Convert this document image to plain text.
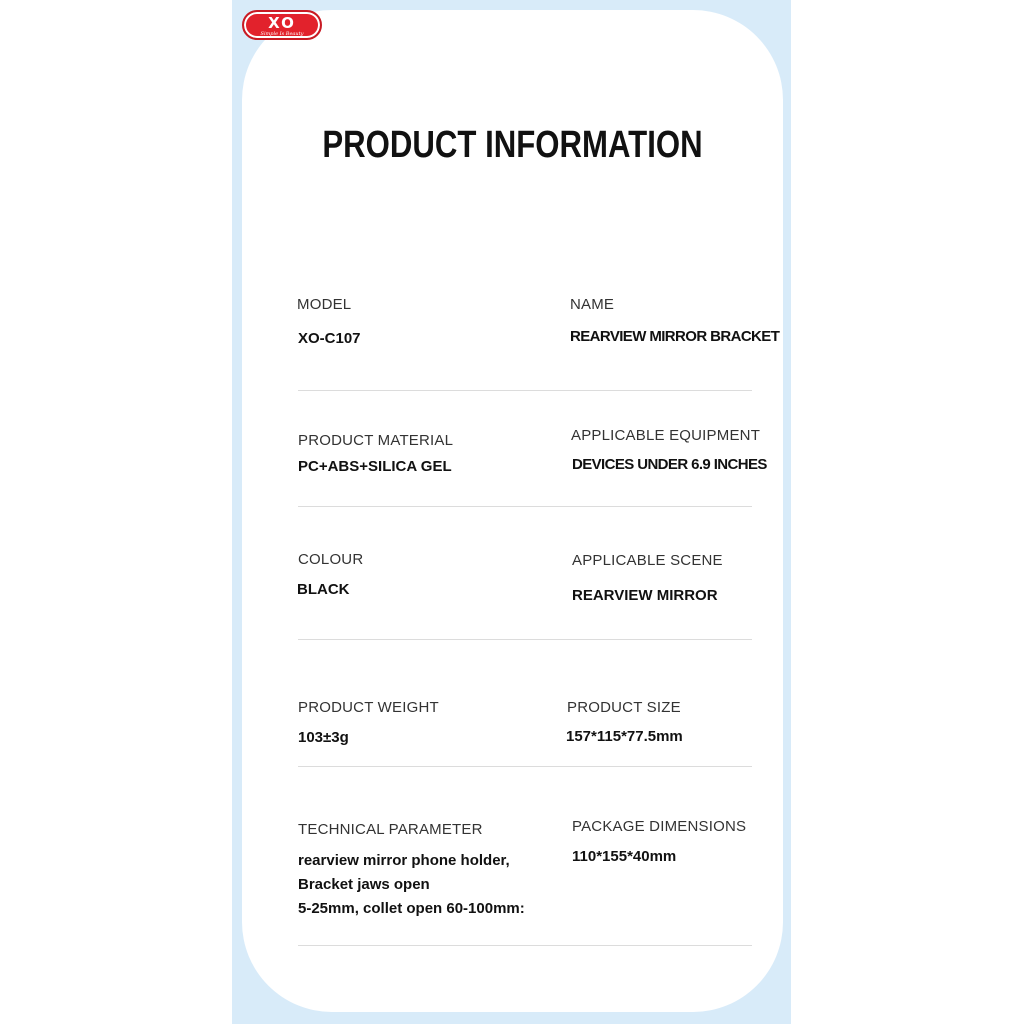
XO
Simple Is Beauty
PRODUCT INFORMATION
MODEL
XO-C107
NAME
REARVIEW MIRROR BRACKET
PRODUCT MATERIAL
PC+ABS+SILICA GEL
APPLICABLE EQUIPMENT
DEVICES UNDER 6.9 INCHES
COLOUR
BLACK
APPLICABLE SCENE
REARVIEW MIRROR
PRODUCT WEIGHT
103±3g
PRODUCT SIZE
157*115*77.5mm
TECHNICAL PARAMETER
rearview mirror phone holder,
Bracket jaws open
5-25mm, collet open 60-100mm:
PACKAGE DIMENSIONS
110*155*40mm
